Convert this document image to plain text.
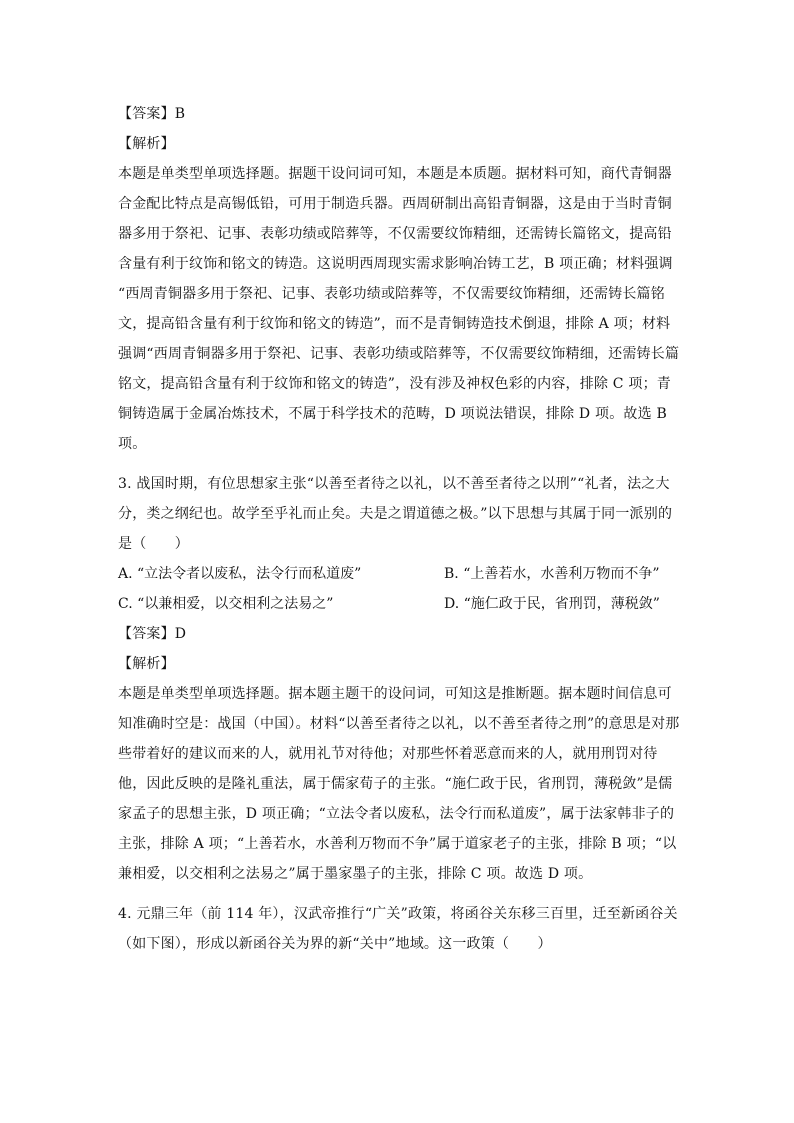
【答案】B
【解析】
本题是单类型单项选择题。据题干设问词可知，本题是本质题。据材料可知，商代青铜器
合金配比特点是高锡低铅，可用于制造兵器。西周研制出高铅青铜器，这是由于当时青铜
器多用于祭祀、记事、表彰功绩或陪葬等，不仅需要纹饰精细，还需铸长篇铭文，提高铅
含量有利于纹饰和铭文的铸造。这说明西周现实需求影响冶铸工艺，B 项正确；材料强调
“西周青铜器多用于祭祀、记事、表彰功绩或陪葬等，不仅需要纹饰精细，还需铸长篇铭
文，提高铅含量有利于纹饰和铭文的铸造”，而不是青铜铸造技术倒退，排除 A 项；材料
强调“西周青铜器多用于祭祀、记事、表彰功绩或陪葬等，不仅需要纹饰精细，还需铸长篇
铭文，提高铅含量有利于纹饰和铭文的铸造”，没有涉及神权色彩的内容，排除 C 项；青
铜铸造属于金属冶炼技术，不属于科学技术的范畴，D 项说法错误，排除 D 项。故选 B
项。
3. 战国时期，有位思想家主张“以善至者待之以礼，以不善至者待之以刑”“礼者，法之大
分，类之纲纪也。故学至乎礼而止矣。夫是之谓道德之极。”以下思想与其属于同一派别的
是（　　）
A. “立法令者以废私，法令行而私道废”	B. “上善若水，水善利万物而不争”
C. “以兼相爱，以交相利之法易之”	D. “施仁政于民，省刑罚，薄税敛”
【答案】D
【解析】
本题是单类型单项选择题。据本题主题干的设问词，可知这是推断题。据本题时间信息可
知准确时空是：战国（中国）。材料“以善至者待之以礼，以不善至者待之刑”的意思是对那
些带着好的建议而来的人，就用礼节对待他；对那些怀着恶意而来的人，就用刑罚对待
他，因此反映的是隆礼重法，属于儒家荀子的主张。“施仁政于民，省刑罚，薄税敛”是儒
家孟子的思想主张，D 项正确；“立法令者以废私，法令行而私道废”，属于法家韩非子的
主张，排除 A 项；“上善若水，水善利万物而不争”属于道家老子的主张，排除 B 项；“以
兼相爱，以交相利之法易之”属于墨家墨子的主张，排除 C 项。故选 D 项。
4. 元鼎三年（前 114 年），汉武帝推行“广关”政策，将函谷关东移三百里，迁至新函谷关
（如下图），形成以新函谷关为界的新“关中”地域。这一政策（　　）
